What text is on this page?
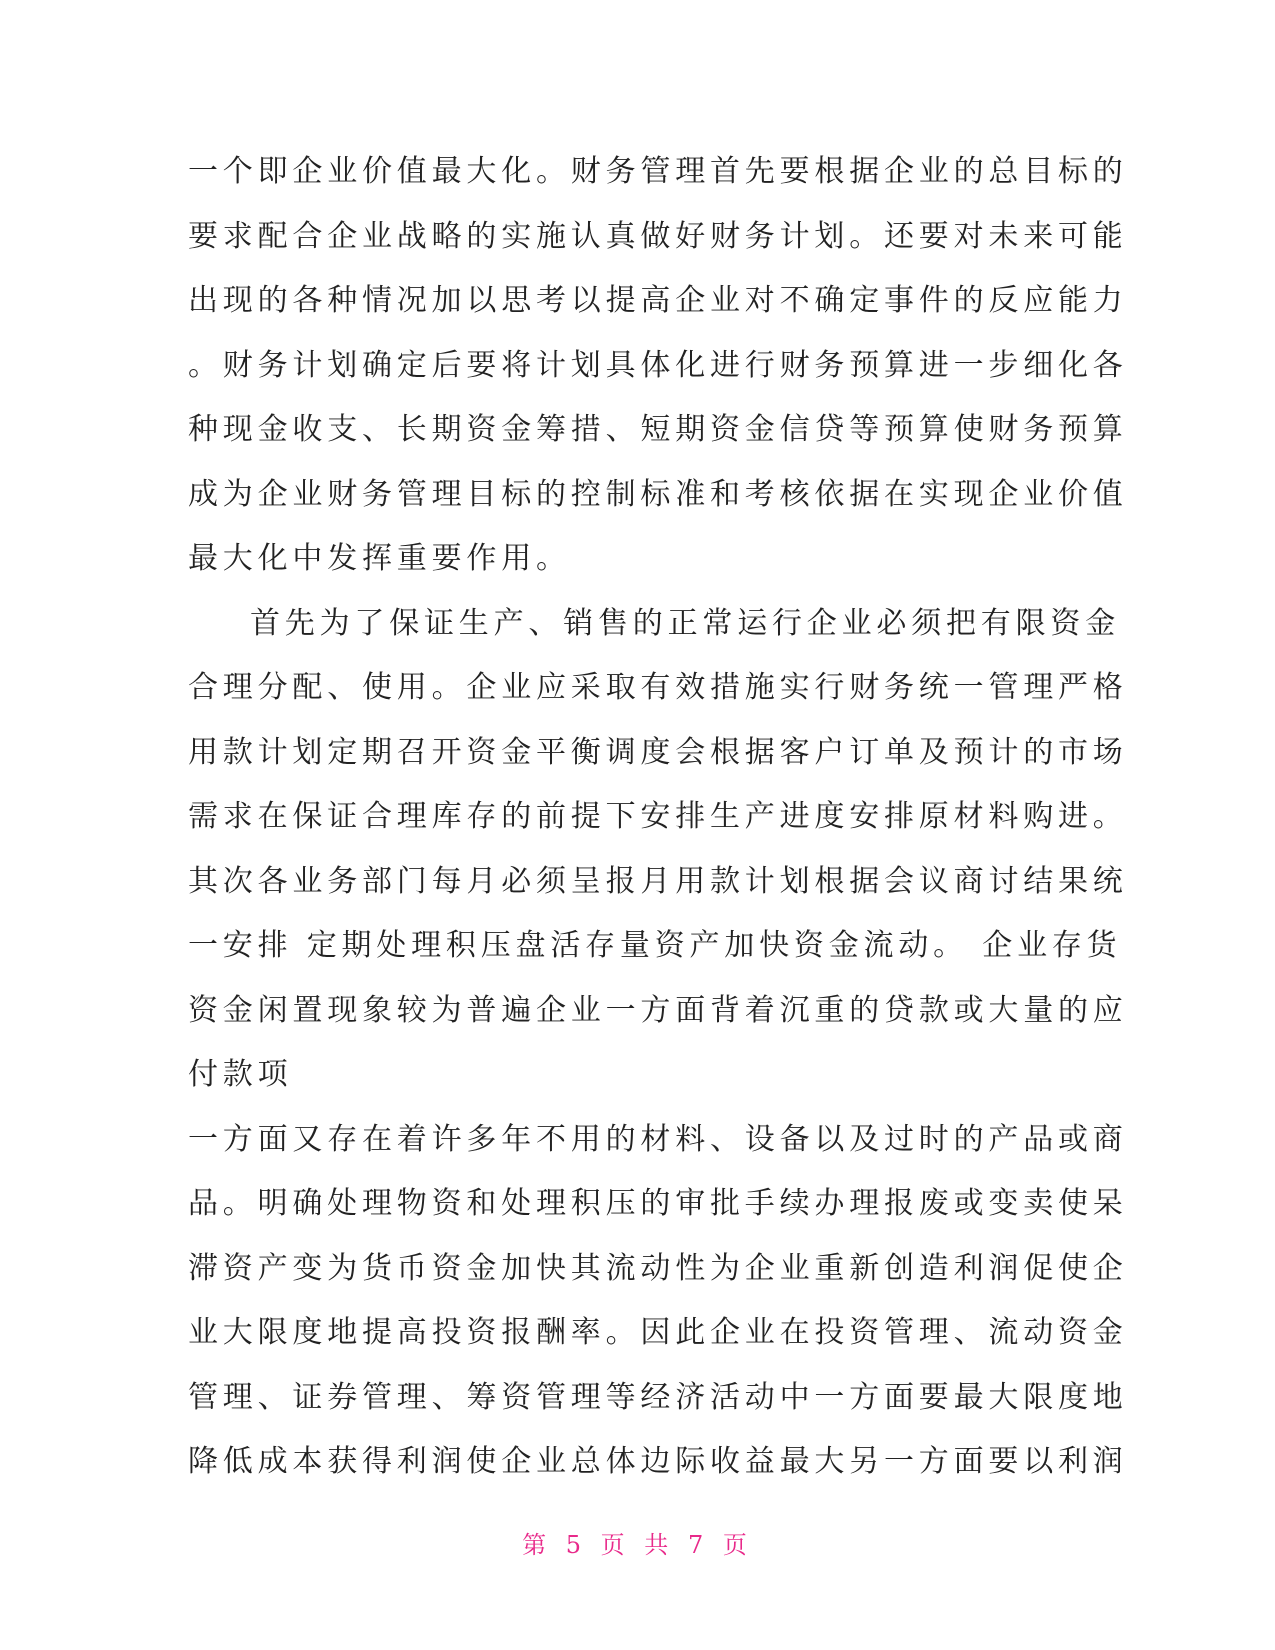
一个即企业价值最大化。财务管理首先要根据企业的总目标的
要求配合企业战略的实施认真做好财务计划。还要对未来可能
出现的各种情况加以思考以提高企业对不确定事件的反应能力
。财务计划确定后要将计划具体化进行财务预算进一步细化各
种现金收支、长期资金筹措、短期资金信贷等预算使财务预算
成为企业财务管理目标的控制标准和考核依据在实现企业价值
最大化中发挥重要作用。
首先为了保证生产、销售的正常运行企业必须把有限资金
合理分配、使用。企业应采取有效措施实行财务统一管理严格
用款计划定期召开资金平衡调度会根据客户订单及预计的市场
需求在保证合理库存的前提下安排生产进度安排原材料购进。
其次各业务部门每月必须呈报月用款计划根据会议商讨结果统
一安排 定期处理积压盘活存量资产加快资金流动。 企业存货
资金闲置现象较为普遍企业一方面背着沉重的贷款或大量的应
付款项
一方面又存在着许多年不用的材料、设备以及过时的产品或商
品。明确处理物资和处理积压的审批手续办理报废或变卖使呆
滞资产变为货币资金加快其流动性为企业重新创造利润促使企
业大限度地提高投资报酬率。因此企业在投资管理、流动资金
管理、证券管理、筹资管理等经济活动中一方面要最大限度地
降低成本获得利润使企业总体边际收益最大另一方面要以利润
第 5 页 共 7 页
